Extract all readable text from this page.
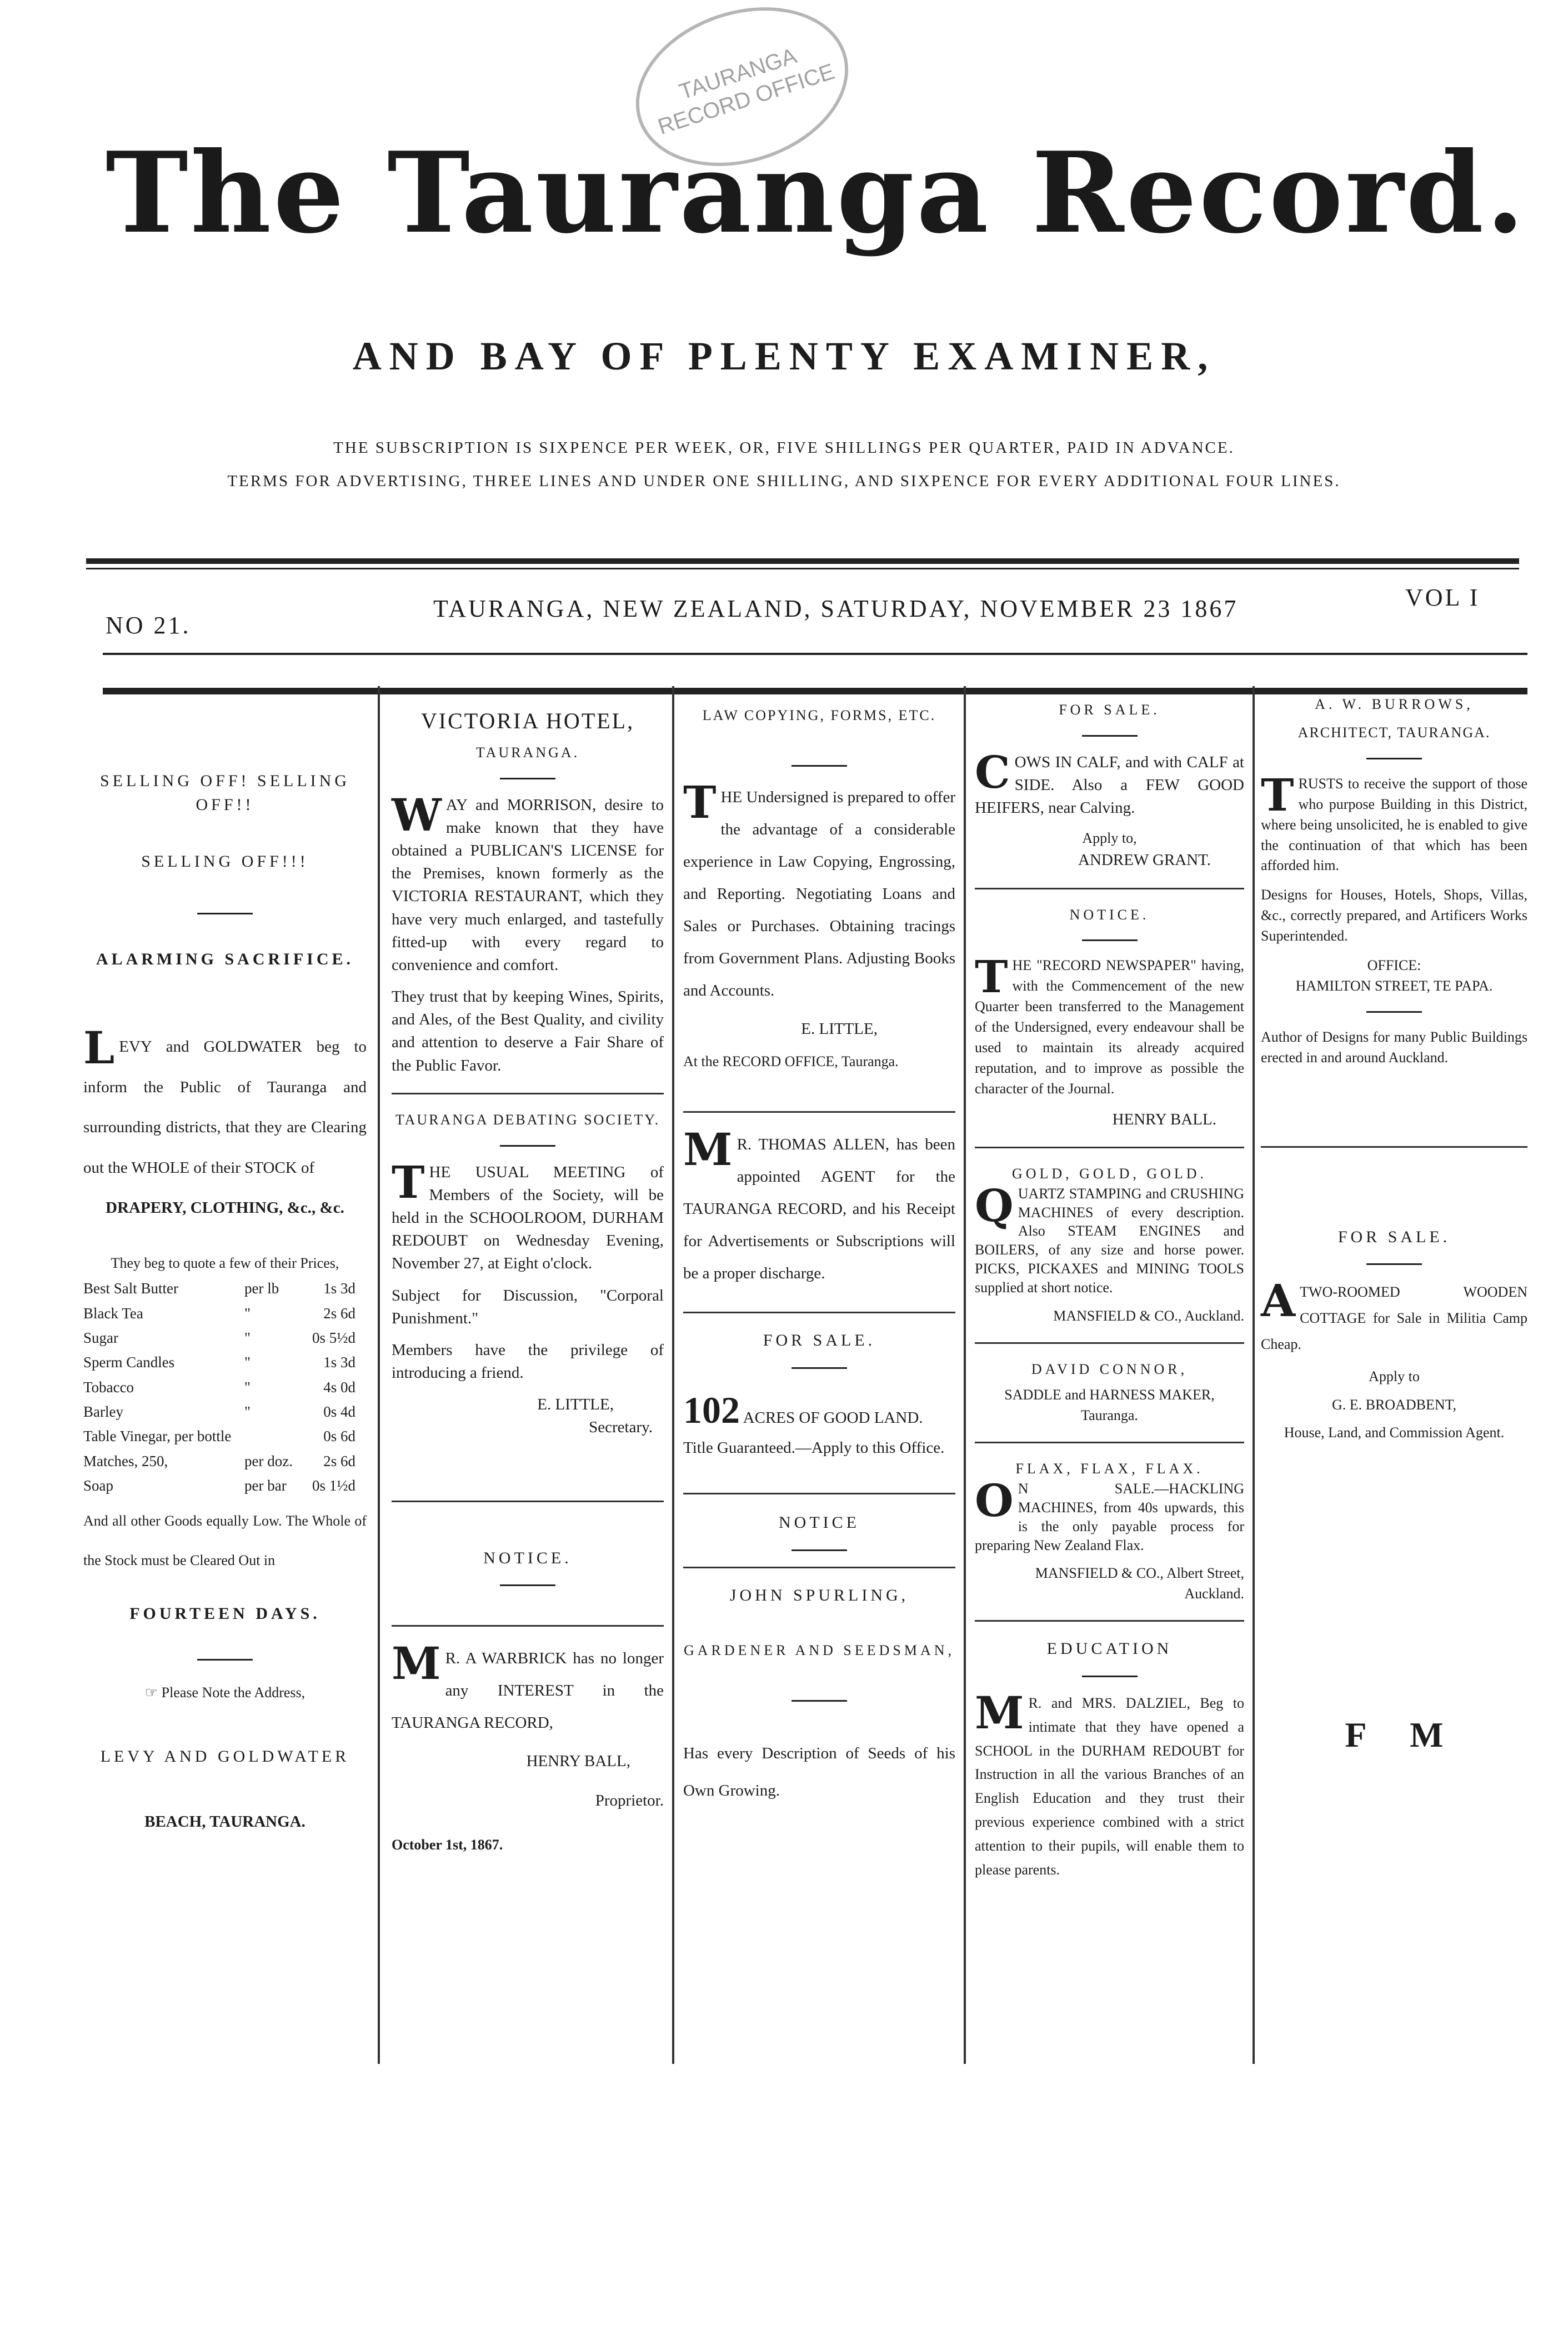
TAURANGA RECORD OFFICE
The Tauranga Record.
AND BAY OF PLENTY EXAMINER,
THE SUBSCRIPTION IS SIXPENCE PER WEEK, OR, FIVE SHILLINGS PER QUARTER, PAID IN ADVANCE.
TERMS FOR ADVERTISING, THREE LINES AND UNDER ONE SHILLING, AND SIXPENCE FOR EVERY ADDITIONAL FOUR LINES.
NO 21.
TAURANGA, NEW ZEALAND, SATURDAY, NOVEMBER 23 1867	VOL I
SELLING OFF! SELLING OFF!!
SELLING OFF!!!
ALARMING SACRIFICE.
L EVY and GOLDWATER beg to inform the Public of Tauranga and surrounding districts, that they are Clearing out the WHOLE of their STOCK of

DRAPERY, CLOTHING, &c., &c.
They beg to quote a few of their Prices,
Best Salt Butter	per lb	1s 3d
Black Tea	"	2s 6d
Sugar	"	0s 5½d
Sperm Candles	"	1s 3d
Tobacco	"	4s 0d
Barley	"	0s 4d
Table Vinegar, per bottle	0s 6d
Matches, 250,	per doz.	2s 6d
Soap	per bar	0s 1½d

And all other Goods equally Low. The Whole of the Stock must be Cleared Out in

FOURTEEN DAYS.
☞ Please Note the Address,
LEVY AND GOLDWATER
BEACH, TAURANGA.
VICTORIA HOTEL,
TAURANGA.
W AY and MORRISON, desire to make known that they have obtained a PUBLICAN'S LICENSE for the Premises, known formerly as the VICTORIA RESTAURANT, which they have very much enlarged, and tastefully fitted-up with every regard to convenience and comfort.

They trust that by keeping Wines, Spirits, and Ales, of the Best Quality, and civility and attention to deserve a Fair Share of the Public Favor.

TAURANGA DEBATING SOCIETY.
T HE USUAL MEETING of Members of the Society, will be held in the SCHOOLROOM, DURHAM REDOUBT on Wednesday Evening, November 27, at Eight o'clock.

Subject for Discussion, "Corporal Punishment."

Members have the privilege of introducing a friend.

E. LITTLE,
Secretary.
NOTICE.
M R. A WARBRICK has no longer any INTEREST in the TAURANGA RECORD,

HENRY BALL,
Proprietor.
October 1st, 1867.
LAW COPYING, FORMS, ETC.
T HE Undersigned is prepared to offer the advantage of a considerable experience in Law Copying, Engrossing, and Reporting. Negotiating Loans and Sales or Purchases. Obtaining tracings from Government Plans. Adjusting Books and Accounts.

E. LITTLE,
At the RECORD OFFICE, Tauranga.
M R. THOMAS ALLEN, has been appointed AGENT for the TAURANGA RECORD, and his Receipt for Advertisements or Subscriptions will be a proper discharge.

FOR SALE.
102 ACRES OF GOOD LAND. Title Guaranteed.—Apply to this Office.
NOTICE
JOHN SPURLING,
GARDENER AND SEEDSMAN,

Has every Description of Seeds of his Own Growing.

FOR SALE.
C OWS IN CALF, and with CALF at SIDE. Also a FEW GOOD HEIFERS, near Calving.

Apply to,
ANDREW GRANT.
NOTICE.
T HE "RECORD NEWSPAPER" having, with the Commencement of the new Quarter been transferred to the Management of the Undersigned, every endeavour shall be used to maintain its already acquired reputation, and to improve as possible the character of the Journal.

HENRY BALL.
GOLD, GOLD, GOLD.
Q UARTZ STAMPING and CRUSHING MACHINES of every description. Also STEAM ENGINES and BOILERS, of any size and horse power. PICKS, PICKAXES and MINING TOOLS supplied at short notice.

MANSFIELD & CO., Auckland.
DAVID CONNOR,
SADDLE and HARNESS MAKER, Tauranga.
FLAX, FLAX, FLAX.
O N SALE.—HACKLING MACHINES, from 40s upwards, this is the only payable process for preparing New Zealand Flax.

MANSFIELD & CO., Albert Street, Auckland.
EDUCATION
M R. and MRS. DALZIEL, Beg to intimate that they have opened a SCHOOL in the DURHAM REDOUBT for Instruction in all the various Branches of an English Education and they trust their previous experience combined with a strict attention to their pupils, will enable them to please parents.

A. W. BURROWS,
ARCHITECT, TAURANGA.
T RUSTS to receive the support of those who purpose Building in this District, where being unsolicited, he is enabled to give the continuation of that which has been afforded him.

Designs for Houses, Hotels, Shops, Villas, &c., correctly prepared, and Artificers Works Superintended.

OFFICE:
HAMILTON STREET, TE PAPA.

Author of Designs for many Public Buildings erected in and around Auckland.

FOR SALE.
A TWO-ROOMED WOODEN COTTAGE for Sale in Militia Camp Cheap.

Apply to
G. E. BROADBENT,
House, Land, and Commission Agent.
F     M
